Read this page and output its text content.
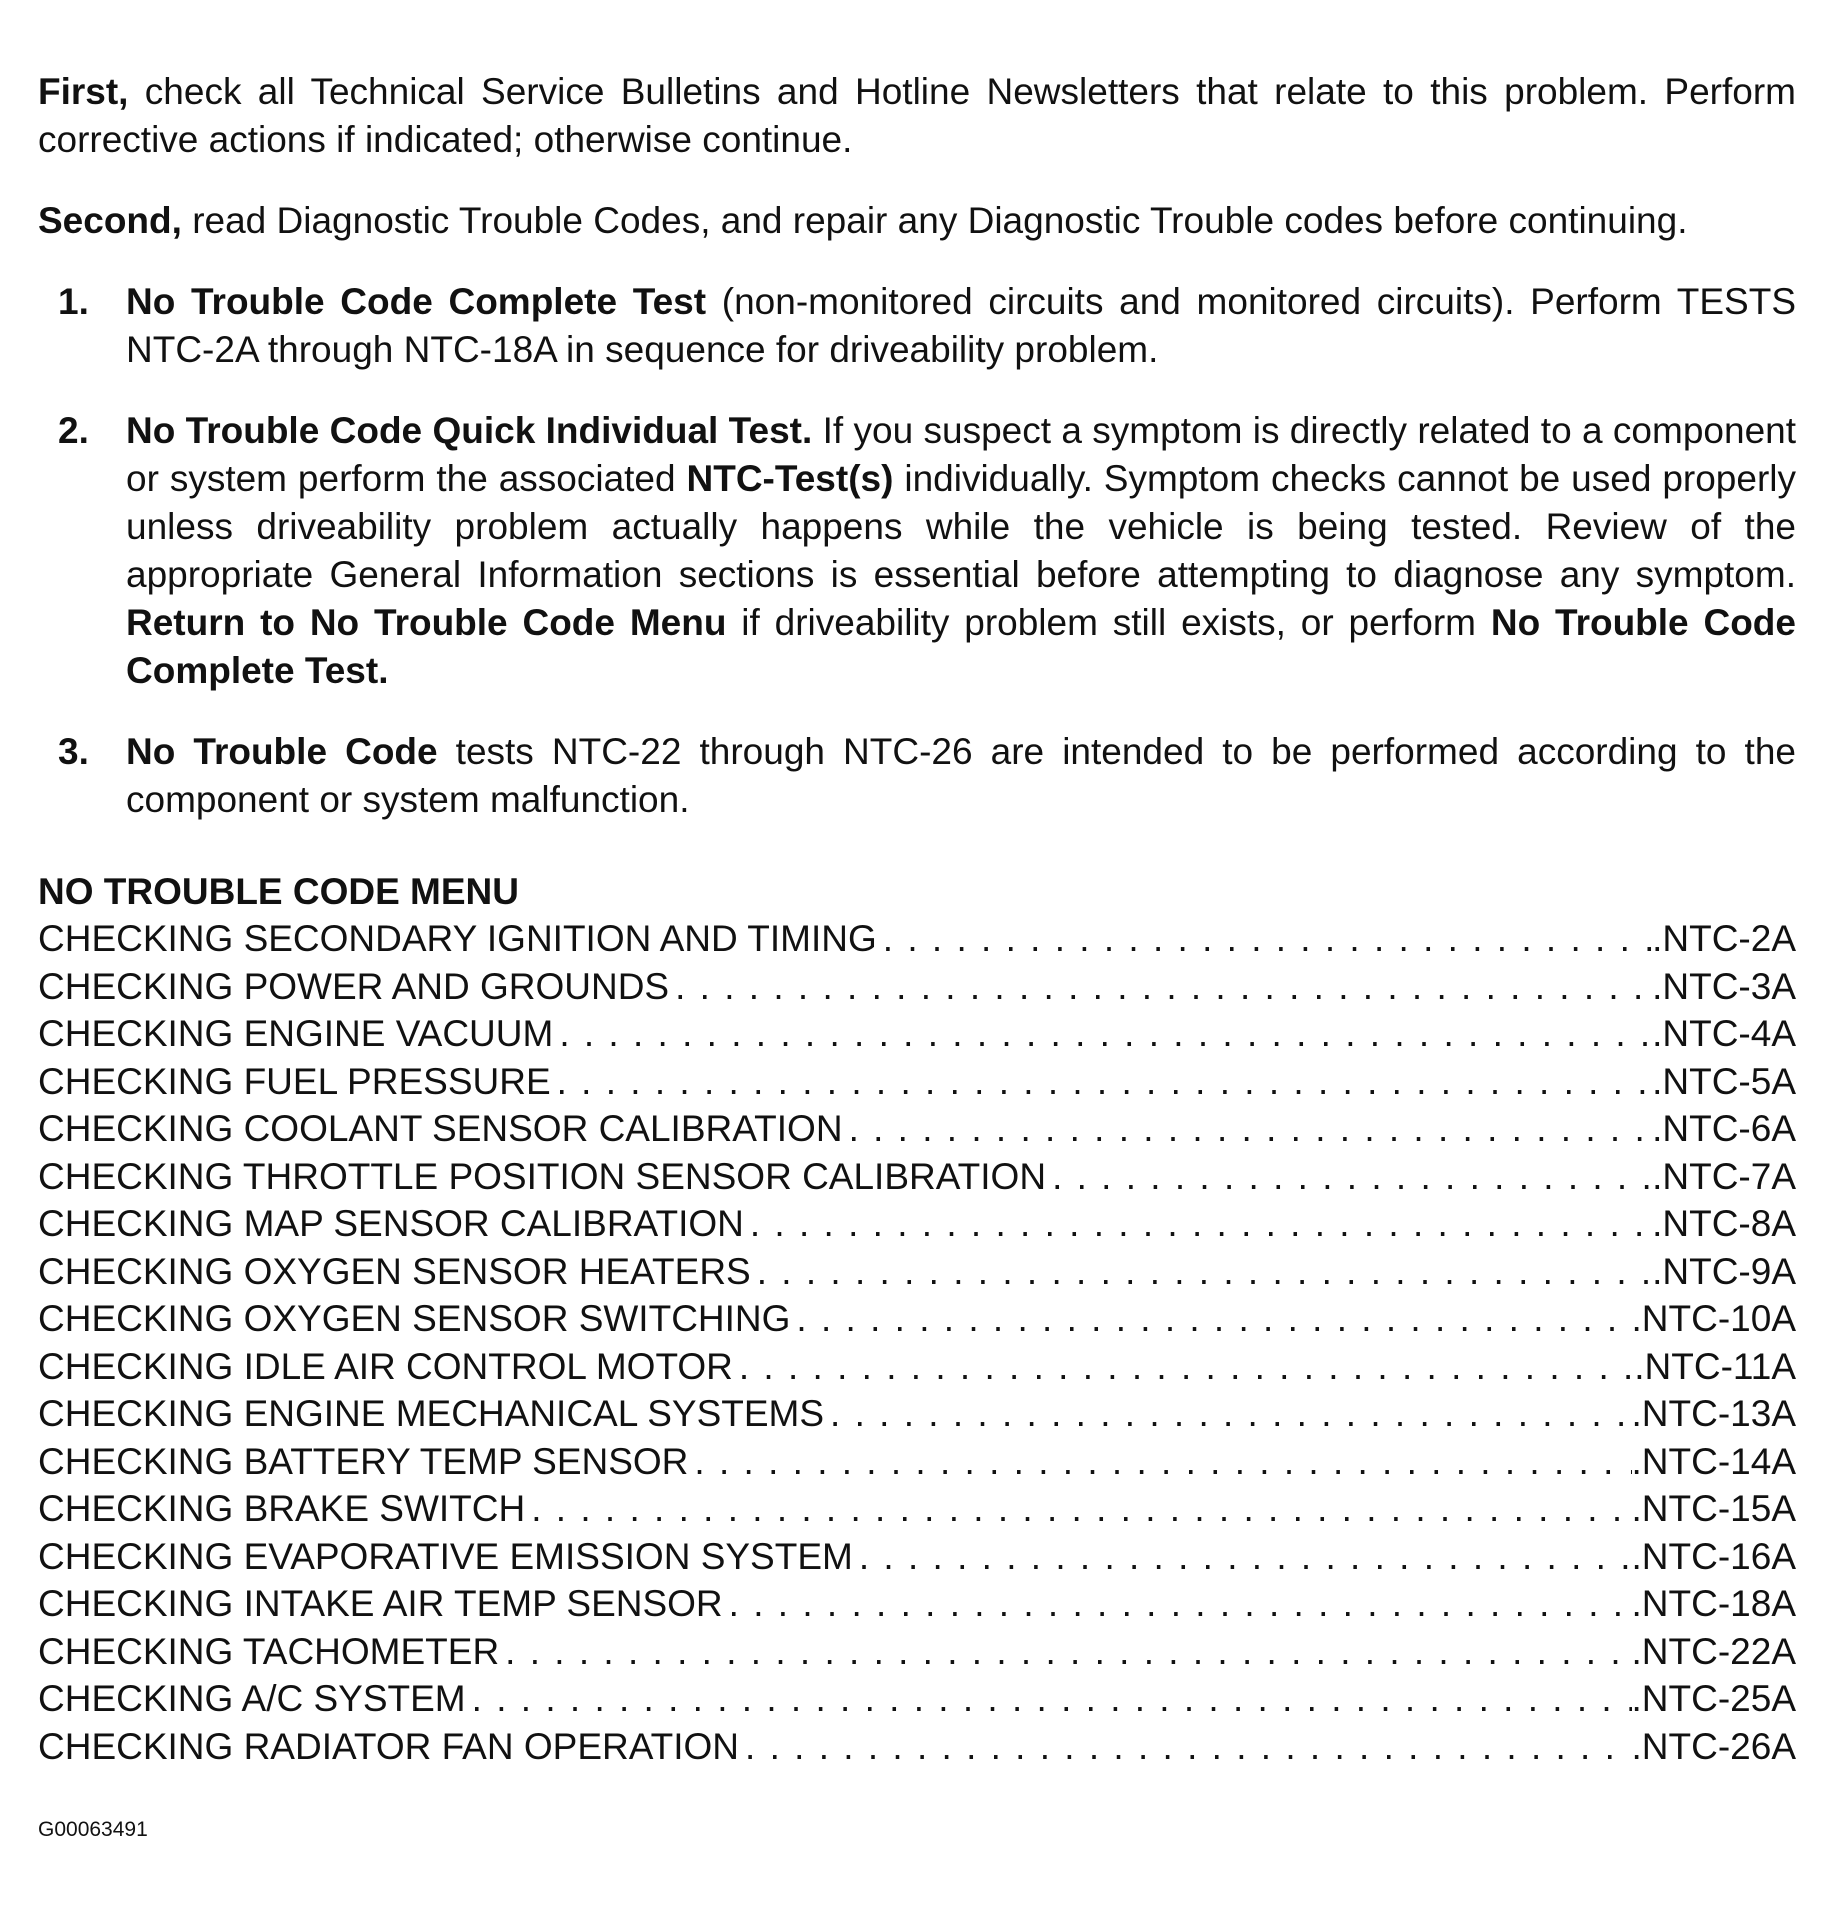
First, check all Technical Service Bulletins and Hotline Newsletters that relate to this problem. Perform corrective actions if indicated; otherwise continue.

Second, read Diagnostic Trouble Codes, and repair any Diagnostic Trouble codes before continuing.

1. No Trouble Code Complete Test (non-monitored circuits and monitored circuits). Perform TESTS NTC-2A through NTC-18A in sequence for driveability problem.
2. No Trouble Code Quick Individual Test. If you suspect a symptom is directly related to a component or system perform the associated NTC-Test(s) individually. Symptom checks cannot be used properly unless driveability problem actually happens while the vehicle is being tested. Review of the appropriate General Information sections is essential before attempting to diagnose any symptom. Return to No Trouble Code Menu if driveability problem still exists, or perform No Trouble Code Complete Test.
3. No Trouble Code tests NTC-22 through NTC-26 are intended to be performed according to the component or system malfunction.
NO TROUBLE CODE MENU
CHECKING SECONDARY IGNITION AND TIMING . . .	.NTC-2A
CHECKING POWER AND GROUNDS . . .	.NTC-3A
CHECKING ENGINE VACUUM . . .	.NTC-4A
CHECKING FUEL PRESSURE . . .	.NTC-5A
CHECKING COOLANT SENSOR CALIBRATION . . .	.NTC-6A
CHECKING THROTTLE POSITION SENSOR CALIBRATION . . .	.NTC-7A
CHECKING MAP SENSOR CALIBRATION . . .	.NTC-8A
CHECKING OXYGEN SENSOR HEATERS . . .	.NTC-9A
CHECKING OXYGEN SENSOR SWITCHING . . .	.NTC-10A
CHECKING IDLE AIR CONTROL MOTOR . . .	.NTC-11A
CHECKING ENGINE MECHANICAL SYSTEMS . . .	.NTC-13A
CHECKING BATTERY TEMP SENSOR . . .	.NTC-14A
CHECKING BRAKE SWITCH . . .	.NTC-15A
CHECKING EVAPORATIVE EMISSION SYSTEM . . .	.NTC-16A
CHECKING INTAKE AIR TEMP SENSOR . . .	.NTC-18A
CHECKING TACHOMETER . . .	.NTC-22A
CHECKING A/C SYSTEM . . .	.NTC-25A
CHECKING RADIATOR FAN OPERATION . . .	.NTC-26A
G00063491
